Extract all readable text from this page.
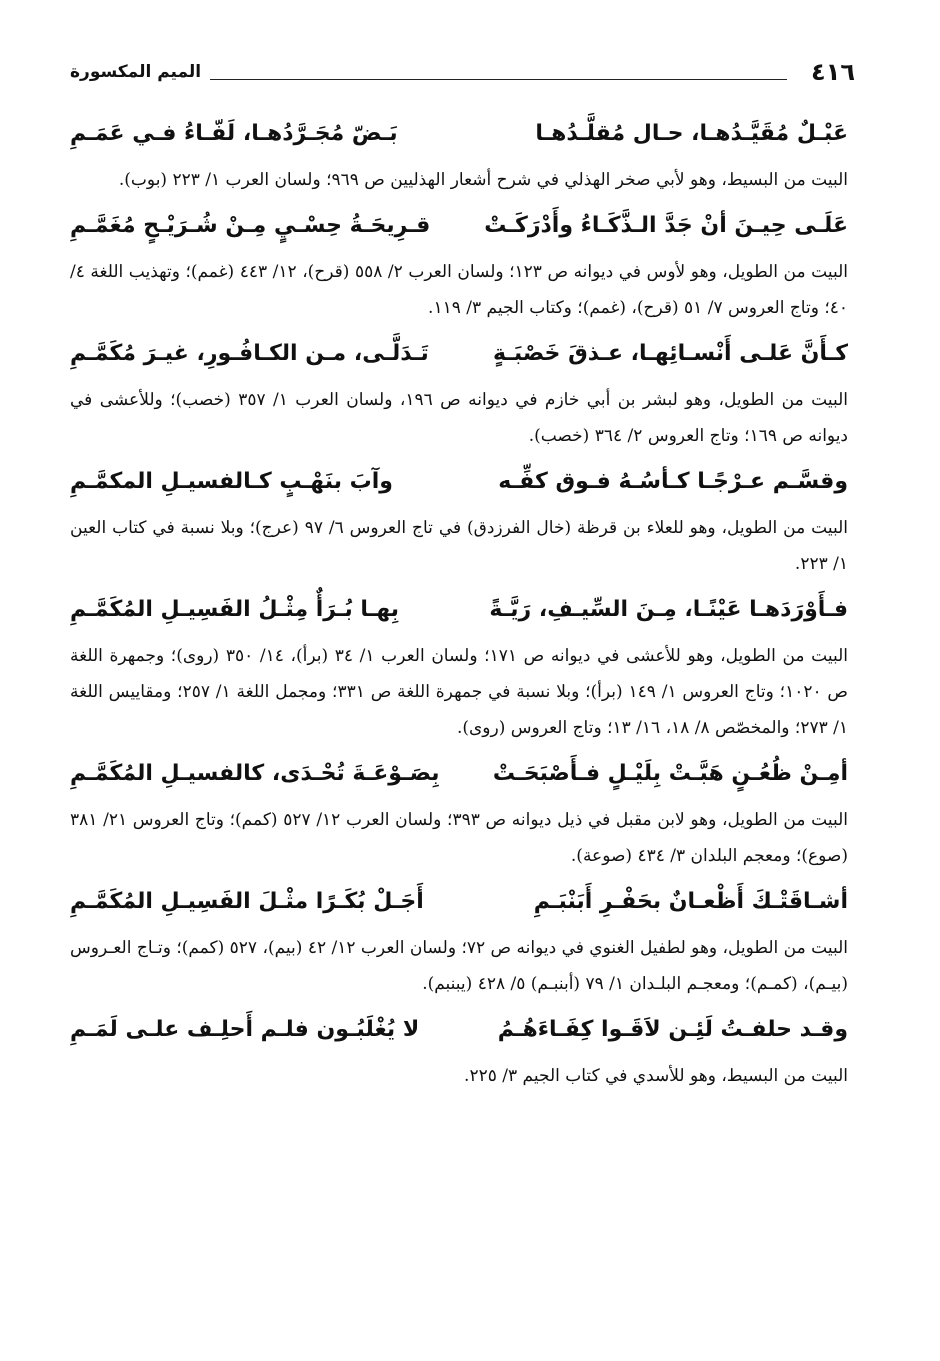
٤١٦
الميم المكسورة
عَبْـلٌ مُقَيَّـدُهـا، حـال مُقلَّـدُهـا
بَـضّ مُجَـرَّدُهـا، لَفّـاءُ فـي عَمَـمِ
البيت من البسيط، وهو لأبي صخر الهذلي في شرح أشعار الهذليين ص ٩٦٩؛ ولسان العرب ١/ ٢٢٣ (بوب).
عَلَـى حِيـنَ أنْ جَدَّ الـذَّكَـاءُ وأَدْرَكَـتْ
قـرِيحَـةُ حِسْـيٍ مِـنْ شُـرَيْـحٍ مُغَمَّـمِ
البيت من الطويل، وهو لأوس في ديوانه ص ١٢٣؛ ولسان العرب ٢/ ٥٥٨ (قرح)، ١٢/ ٤٤٣ (غمم)؛ وتهذيب اللغة ٤/ ٤٠؛ وتاج العروس ٧/ ٥١ (قرح)، (غمم)؛ وكتاب الجيم ٣/ ١١٩.
كـأَنَّ عَلـى أَنْسـائِهـا، عـذقَ خَصْبَـةٍ
تَـدَلَّـى، مـن الكـافُـورِ، غيـرَ مُكَمَّـمِ
البيت من الطويل، وهو لبشر بن أبي خازم في ديوانه ص ١٩٦، ولسان العرب ١/ ٣٥٧ (خصب)؛ وللأعشى في ديوانه ص ١٦٩؛ وتاج العروس ٢/ ٣٦٤ (خصب).
وقسَّـم عـرْجًـا كـأسُـهُ فـوق كفِّـه
وآبَ بنَهْـبٍ كـالفسيـلِ المكمَّـمِ
البيت من الطويل، وهو للعلاء بن قرظة (خال الفرزدق) في تاج العروس ٦/ ٩٧ (عرج)؛ وبلا نسبة في كتاب العين ١/ ٢٢٣.
فـأَوْرَدَهـا عَيْنًـا، مِـنَ السِّيـفِ، رَيَّـةً
بِهـا بُـرَأٌ مِثْـلُ الفَسِيـلِ المُكَمَّـمِ
البيت من الطويل، وهو للأعشى في ديوانه ص ١٧١؛ ولسان العرب ١/ ٣٤ (برأ)، ١٤/ ٣٥٠ (روى)؛ وجمهرة اللغة ص ١٠٢٠؛ وتاج العروس ١/ ١٤٩ (برأ)؛ وبلا نسبة في جمهرة اللغة ص ٣٣١؛ ومجمل اللغة ١/ ٢٥٧؛ ومقاييس اللغة ١/ ٢٧٣؛ والمخصّص ٨/ ١٨، ١٦/ ١٣؛ وتاج العروس (روى).
أمِـنْ ظُعُـنٍ هَبَّـتْ بِلَيْـلٍ فـأَصْبَحَـتْ
بِصَـوْعَـةَ تُحْـدَى، كالفسيـلِ المُكَمَّـمِ
البيت من الطويل، وهو لابن مقبل في ذيل ديوانه ص ٣٩٣؛ ولسان العرب ١٢/ ٥٢٧ (كمم)؛ وتاج العروس ٢١/ ٣٨١ (صوع)؛ ومعجم البلدان ٣/ ٤٣٤ (صوعة).
أشـاقَتْـكَ أَظْعـانٌ بحَفْـرِ أَبَنْبَـمِ
أَجَـلْ بُكَـرًا مثْـلَ الفَسِيـلِ المُكَمَّـمِ
البيت من الطويل، وهو لطفيل الغنوي في ديوانه ص ٧٢؛ ولسان العرب ١٢/ ٤٢ (بيم)، ٥٢٧ (كمم)؛ وتـاج العـروس (بيـم)، (كمـم)؛ ومعجـم البلـدان ١/ ٧٩ (أبنبـم) ٥/ ٤٢٨ (يبنبم).
وقـد حلفـتُ لَئِـن لاَقَـوا كِفَـاءَهُـمُ
لا يُغْلَبُـون فلـم أَحلِـف علـى لَمَـمِ
البيت من البسيط، وهو للأسدي في كتاب الجيم ٣/ ٢٢٥.
